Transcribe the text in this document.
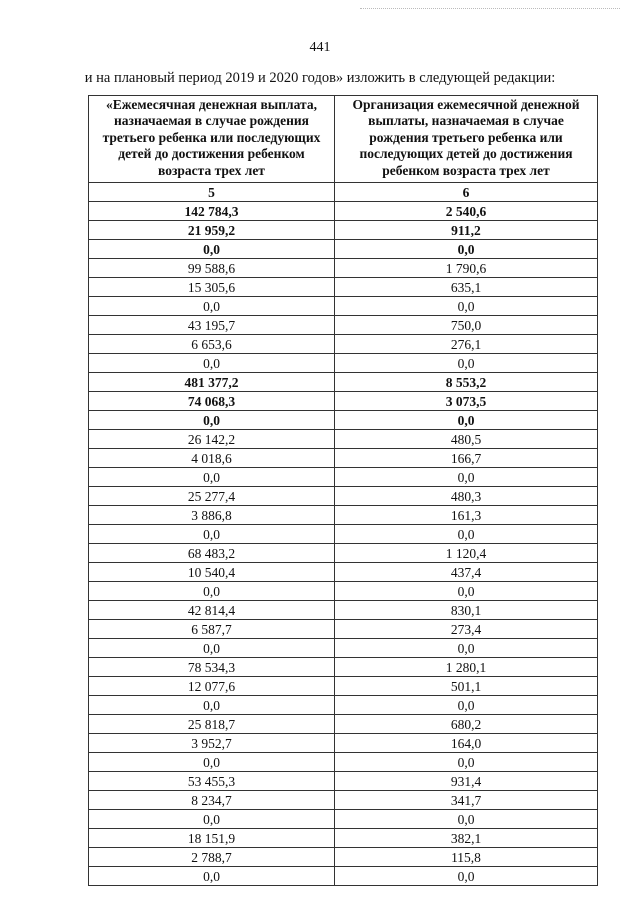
441
и на плановый период 2019 и 2020 годов» изложить в следующей редакции:
«Ежемесячная денежная выплата, назначаемая в случае рождения третьего ребенка или последующих детей до достижения ребенком возраста трех лет	Организация ежемесячной денежной выплаты, назначаемая в случае рождения третьего ребенка или последующих детей до достижения ребенком возраста трех лет
5	6
142 784,3	2 540,6
21 959,2	911,2
0,0	0,0
99 588,6	1 790,6
15 305,6	635,1
0,0	0,0
43 195,7	750,0
6 653,6	276,1
0,0	0,0
481 377,2	8 553,2
74 068,3	3 073,5
0,0	0,0
26 142,2	480,5
4 018,6	166,7
0,0	0,0
25 277,4	480,3
3 886,8	161,3
0,0	0,0
68 483,2	1 120,4
10 540,4	437,4
0,0	0,0
42 814,4	830,1
6 587,7	273,4
0,0	0,0
78 534,3	1 280,1
12 077,6	501,1
0,0	0,0
25 818,7	680,2
3 952,7	164,0
0,0	0,0
53 455,3	931,4
8 234,7	341,7
0,0	0,0
18 151,9	382,1
2 788,7	115,8
0,0	0,0
